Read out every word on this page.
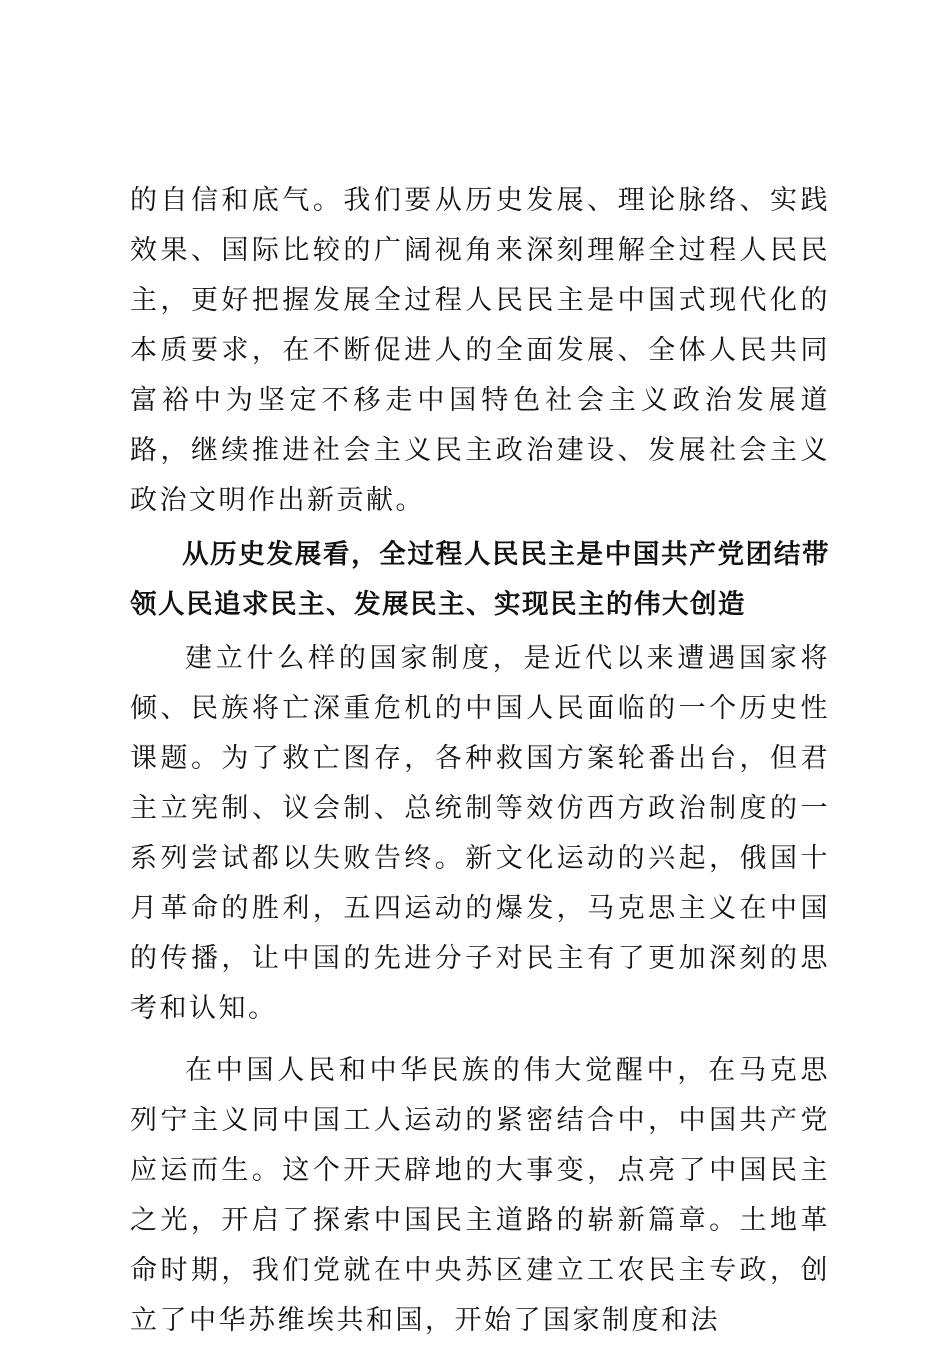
的自信和底气。我们要从历史发展、理论脉络、实践效果、国际比较的广阔视角来深刻理解全过程人民民主，更好把握发展全过程人民民主是中国式现代化的本质要求，在不断促进人的全面发展、全体人民共同富裕中为坚定不移走中国特色社会主义政治发展道路，继续推进社会主义民主政治建设、发展社会主义政治文明作出新贡献。

从历史发展看，全过程人民民主是中国共产党团结带领人民追求民主、发展民主、实现民主的伟大创造

建立什么样的国家制度，是近代以来遭遇国家将倾、民族将亡深重危机的中国人民面临的一个历史性课题。为了救亡图存，各种救国方案轮番出台，但君主立宪制、议会制、总统制等效仿西方政治制度的一系列尝试都以失败告终。新文化运动的兴起，俄国十月革命的胜利，五四运动的爆发，马克思主义在中国的传播，让中国的先进分子对民主有了更加深刻的思考和认知。

在中国人民和中华民族的伟大觉醒中，在马克思列宁主义同中国工人运动的紧密结合中，中国共产党应运而生。这个开天辟地的大事变，点亮了中国民主之光，开启了探索中国民主道路的崭新篇章。土地革命时期，我们党就在中央苏区建立工农民主专政，创立了中华苏维埃共和国，开始了国家制度和法
